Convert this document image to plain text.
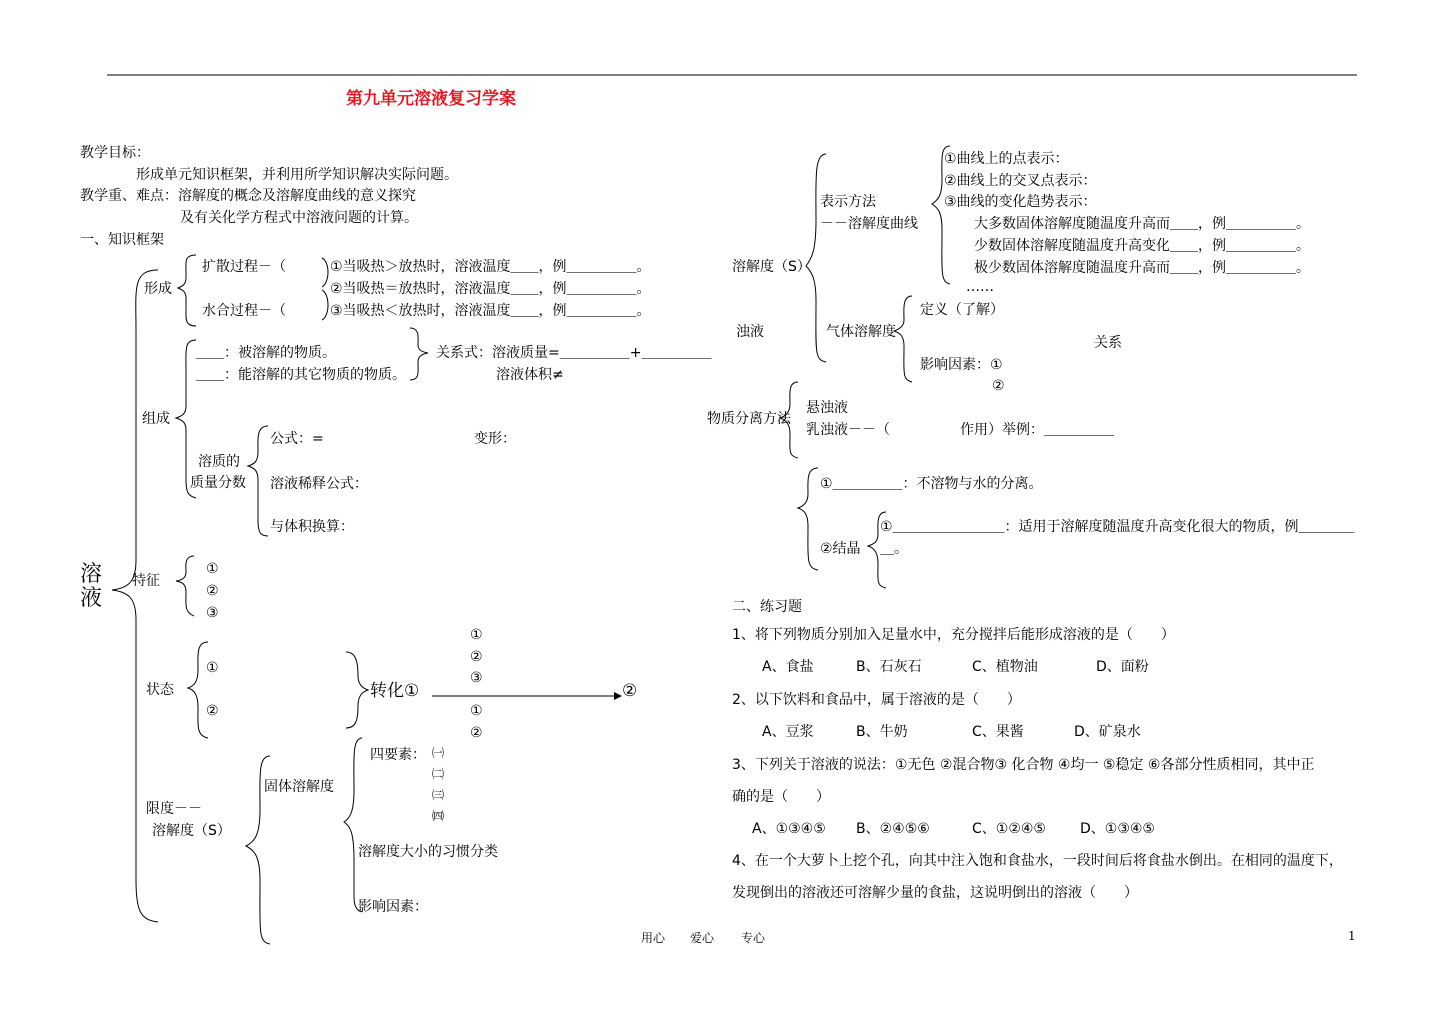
第九单元溶液复习学案
教学目标：
形成单元知识框架，并利用所学知识解决实际问题。
教学重、难点：溶解度的概念及溶解度曲线的意义探究
及有关化学方程式中溶液问题的计算。
一、知识框架
溶
液
形成
扩散过程－（
水合过程－（
①当吸热＞放热时，溶液温度＿＿，例＿＿＿＿＿。
②当吸热＝放热时，溶液温度＿＿，例＿＿＿＿＿。
③当吸热＜放热时，溶液温度＿＿，例＿＿＿＿＿。
组成
＿＿：被溶解的物质。
＿＿：能溶解的其它物质的物质。
关系式：溶液质量=＿＿＿＿＿+＿＿＿＿＿
溶液体积≠
溶质的
质量分数
公式：=	变形：
溶液稀释公式：
与体积换算：
特征
①
②
③
状态
①
②
转化①	②
①
②
③
①
②
限度－－
溶解度（S）
固体溶解度
四要素： ㈠
㈡
㈢
㈣
溶解度大小的习惯分类
影响因素：
溶解度（S）
表示方法
－－溶解度曲线
①曲线上的点表示：
②曲线上的交叉点表示：
③曲线的变化趋势表示：
大多数固体溶解度随温度升高而＿＿，例＿＿＿＿＿。
少数固体溶解度随温度升高变化＿＿，例＿＿＿＿＿。
极少数固体溶解度随温度升高而＿＿，例＿＿＿＿＿。
……
浊液	气体溶解度
定义（了解）
关系
影响因素：①
②
物质分离方法
悬浊液
乳浊液－－（　　　　　作用）举例：＿＿＿＿＿
①＿＿＿＿＿：不溶物与水的分离。
②结晶
①＿＿＿＿＿＿＿＿：适用于溶解度随温度升高变化很大的物质，例＿＿＿＿
＿。
二、练习题
1、将下列物质分别加入足量水中，充分搅拌后能形成溶液的是（　　）
A、食盐	B、石灰石	C、植物油	D、面粉
2、以下饮料和食品中，属于溶液的是（　　）
A、豆浆	B、牛奶	C、果酱	D、矿泉水
3、下列关于溶液的说法：①无色 ②混合物③ 化合物 ④均一 ⑤稳定 ⑥各部分性质相同，其中正
确的是（　　）
A、①③④⑤ B、②④⑤⑥	C、①②④⑤ D、①③④⑤
4、在一个大萝卜上挖个孔，向其中注入饱和食盐水，一段时间后将食盐水倒出。在相同的温度下，
发现倒出的溶液还可溶解少量的食盐，这说明倒出的溶液（　　）
用心 爱心 专心	1
